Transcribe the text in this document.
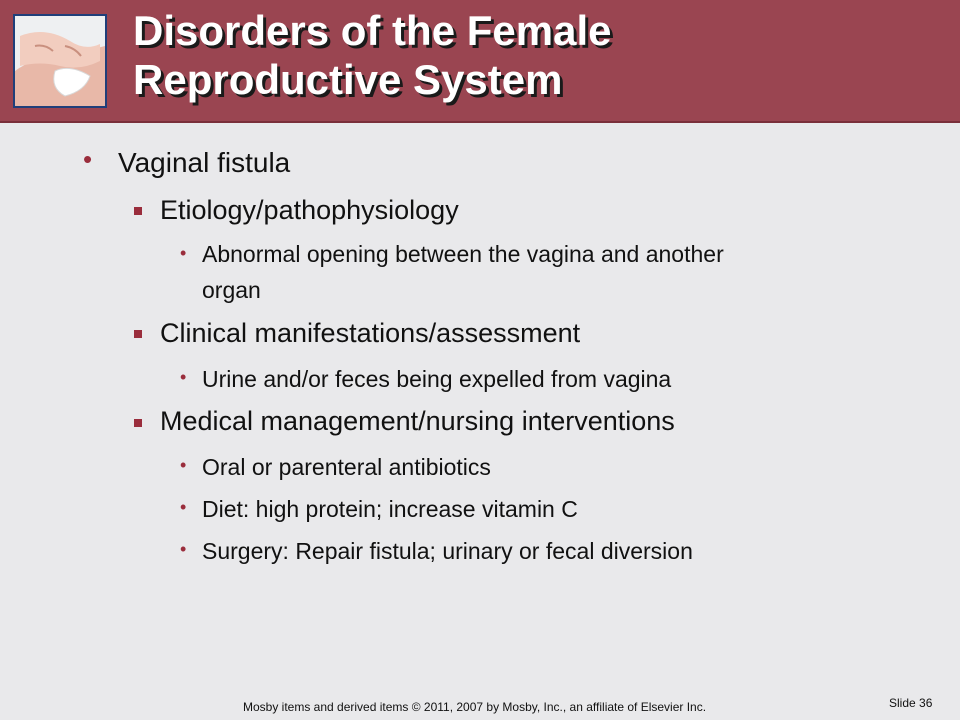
Disorders of the Female
Reproductive System
• Vaginal fistula
Etiology/pathophysiology
• Abnormal opening between the vagina and another
organ
Clinical manifestations/assessment
• Urine and/or feces being expelled from vagina
Medical management/nursing interventions
• Oral or parenteral antibiotics
• Diet: high protein; increase vitamin C
• Surgery: Repair fistula; urinary or fecal diversion
Mosby items and derived items © 2011, 2007 by Mosby, Inc., an affiliate of Elsevier Inc.	Slide 36
